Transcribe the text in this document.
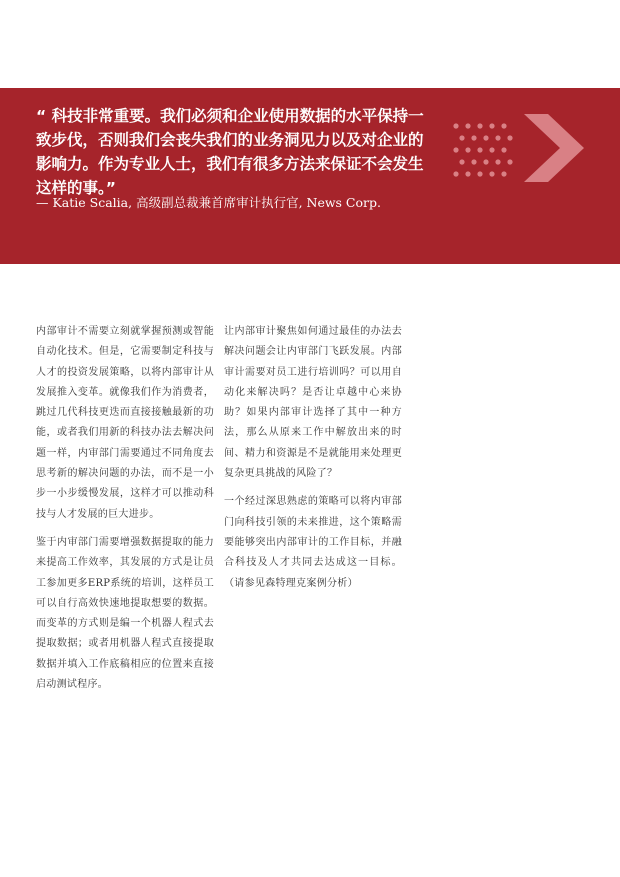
“ 科技非常重要。我们必须和企业使用数据的水平保持一致步伐，否则我们会丧失我们的业务洞见力以及对企业的影响力。作为专业人士，我们有很多方法来保证不会发生这样的事。”

— Katie Scalia, 高级副总裁兼首席审计执行官, News Corp.

内部审计不需要立刻就掌握预测或智能自动化技术。但是，它需要制定科技与人才的投资发展策略，以将内部审计从发展推入变革。就像我们作为消费者，跳过几代科技更迭而直接接触最新的功能，或者我们用新的科技办法去解决问题一样，内审部门需要通过不同角度去思考新的解决问题的办法，而不是一小步一小步缓慢发展，这样才可以推动科技与人才发展的巨大进步。

鉴于内审部门需要增强数据提取的能力来提高工作效率，其发展的方式是让员工参加更多ERP系统的培训，这样员工可以自行高效快速地提取想要的数据。而变革的方式则是编一个机器人程式去提取数据；或者用机器人程式直接提取数据并填入工作底稿相应的位置来直接启动测试程序。

让内部审计聚焦如何通过最佳的办法去解决问题会让内审部门飞跃发展。内部审计需要对员工进行培训吗？可以用自动化来解决吗？是否让卓越中心来协助？如果内部审计选择了其中一种方法，那么从原来工作中解放出来的时间、精力和资源是不是就能用来处理更复杂更具挑战的风险了？

一个经过深思熟虑的策略可以将内审部门向科技引领的未来推进，这个策略需要能够突出内部审计的工作目标，并融合科技及人才共同去达成这一目标。（请参见森特理克案例分析）
